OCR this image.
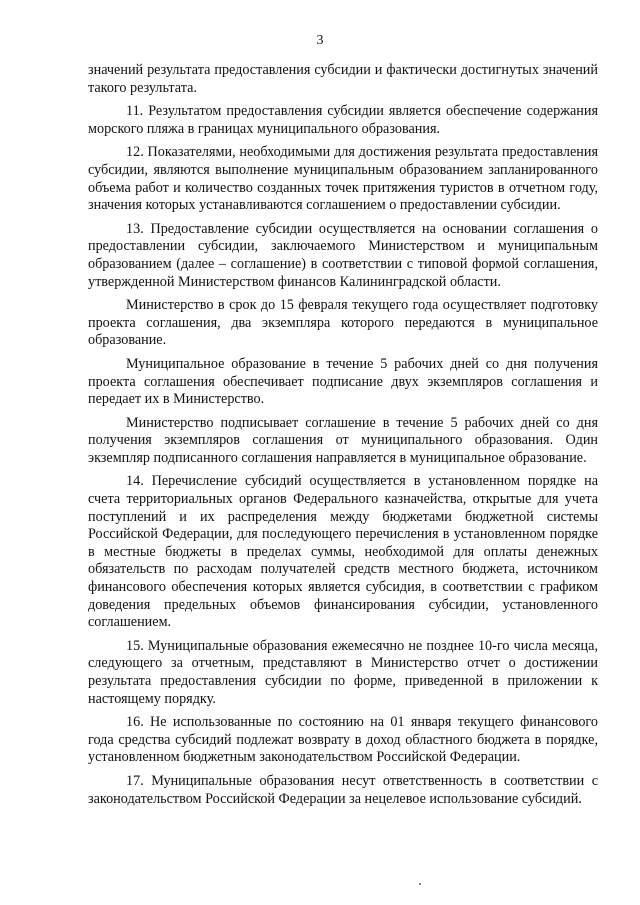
3

значений результата предоставления субсидии и фактически достигнутых значений такого результата.

11. Результатом предоставления субсидии является обеспечение содержания морского пляжа в границах муниципального образования.

12. Показателями, необходимыми для достижения результата предоставления субсидии, являются выполнение муниципальным образованием запланированного объема работ и количество созданных точек притяжения туристов в отчетном году, значения которых устанавливаются соглашением о предоставлении субсидии.

13. Предоставление субсидии осуществляется на основании соглашения о предоставлении субсидии, заключаемого Министерством и муниципальным образованием (далее – соглашение) в соответствии с типовой формой соглашения, утвержденной Министерством финансов Калининградской области.

Министерство в срок до 15 февраля текущего года осуществляет подготовку проекта соглашения, два экземпляра которого передаются в муниципальное образование.

Муниципальное образование в течение 5 рабочих дней со дня получения проекта соглашения обеспечивает подписание двух экземпляров соглашения и передает их в Министерство.

Министерство подписывает соглашение в течение 5 рабочих дней со дня получения экземпляров соглашения от муниципального образования. Один экземпляр подписанного соглашения направляется в муниципальное образование.

14. Перечисление субсидий осуществляется в установленном порядке на счета территориальных органов Федерального казначейства, открытые для учета поступлений и их распределения между бюджетами бюджетной системы Российской Федерации, для последующего перечисления в установленном порядке в местные бюджеты в пределах суммы, необходимой для оплаты денежных обязательств по расходам получателей средств местного бюджета, источником финансового обеспечения которых является субсидия, в соответствии с графиком доведения предельных объемов финансирования субсидии, установленного соглашением.

15. Муниципальные образования ежемесячно не позднее 10-го числа месяца, следующего за отчетным, представляют в Министерство отчет о достижении результата предоставления субсидии по форме, приведенной в приложении к настоящему порядку.

16. Не использованные по состоянию на 01 января текущего финансового года средства субсидий подлежат возврату в доход областного бюджета в порядке, установленном бюджетным законодательством Российской Федерации.

17. Муниципальные образования несут ответственность в соответствии с законодательством Российской Федерации за нецелевое использование субсидий.
